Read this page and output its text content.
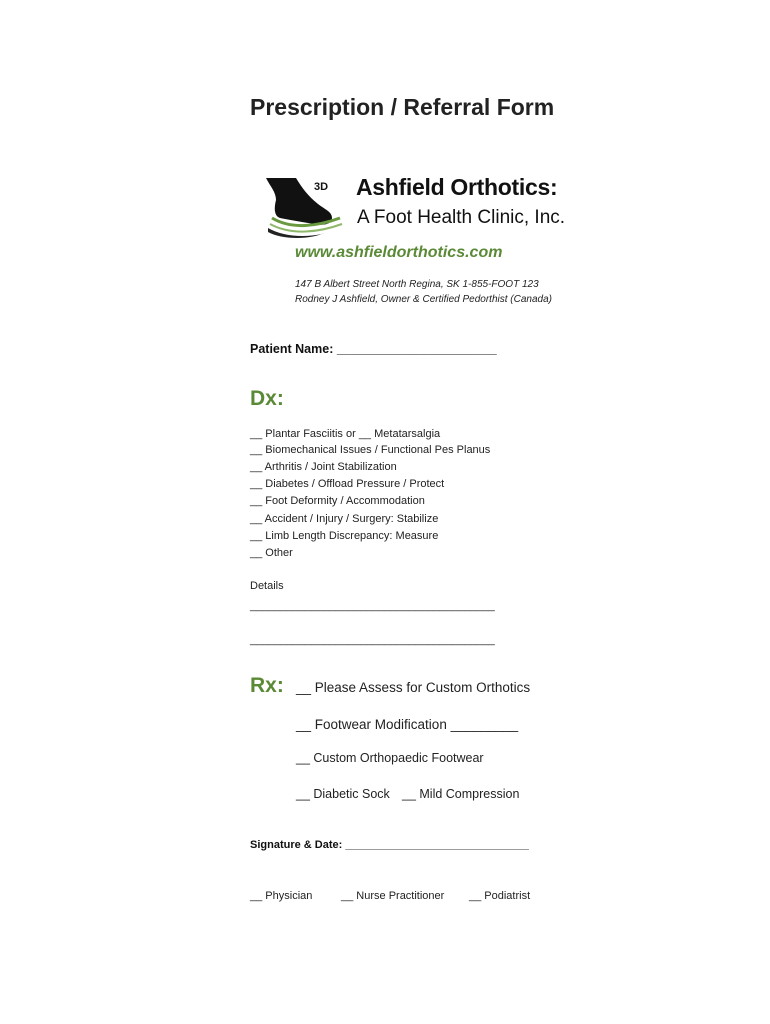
Prescription / Referral Form
3D Ashfield Orthotics:
A Foot Health Clinic, Inc.
www.ashfieldorthotics.com
147 B Albert Street North Regina, SK 1-855-FOOT 123
Rodney J Ashfield, Owner & Certified Pedorthist (Canada)
Patient Name: _______________________
Dx:
__ Plantar Fasciitis or __ Metatarsalgia
__ Biomechanical Issues / Functional Pes Planus
__ Arthritis / Joint Stabilization
__ Diabetes / Offload Pressure / Protect
__ Foot Deformity / Accommodation
__ Accident / Injury / Surgery: Stabilize
__ Limb Length Discrepancy: Measure
__ Other
Details
________________________________________
________________________________________
Rx: __ Please Assess for Custom Orthotics
__ Footwear Modification _________
__ Custom Orthopaedic Footwear
__ Diabetic Sock __ Mild Compression
Signature & Date: ______________________________
__ Physician	__ Nurse Practitioner __ Podiatrist
